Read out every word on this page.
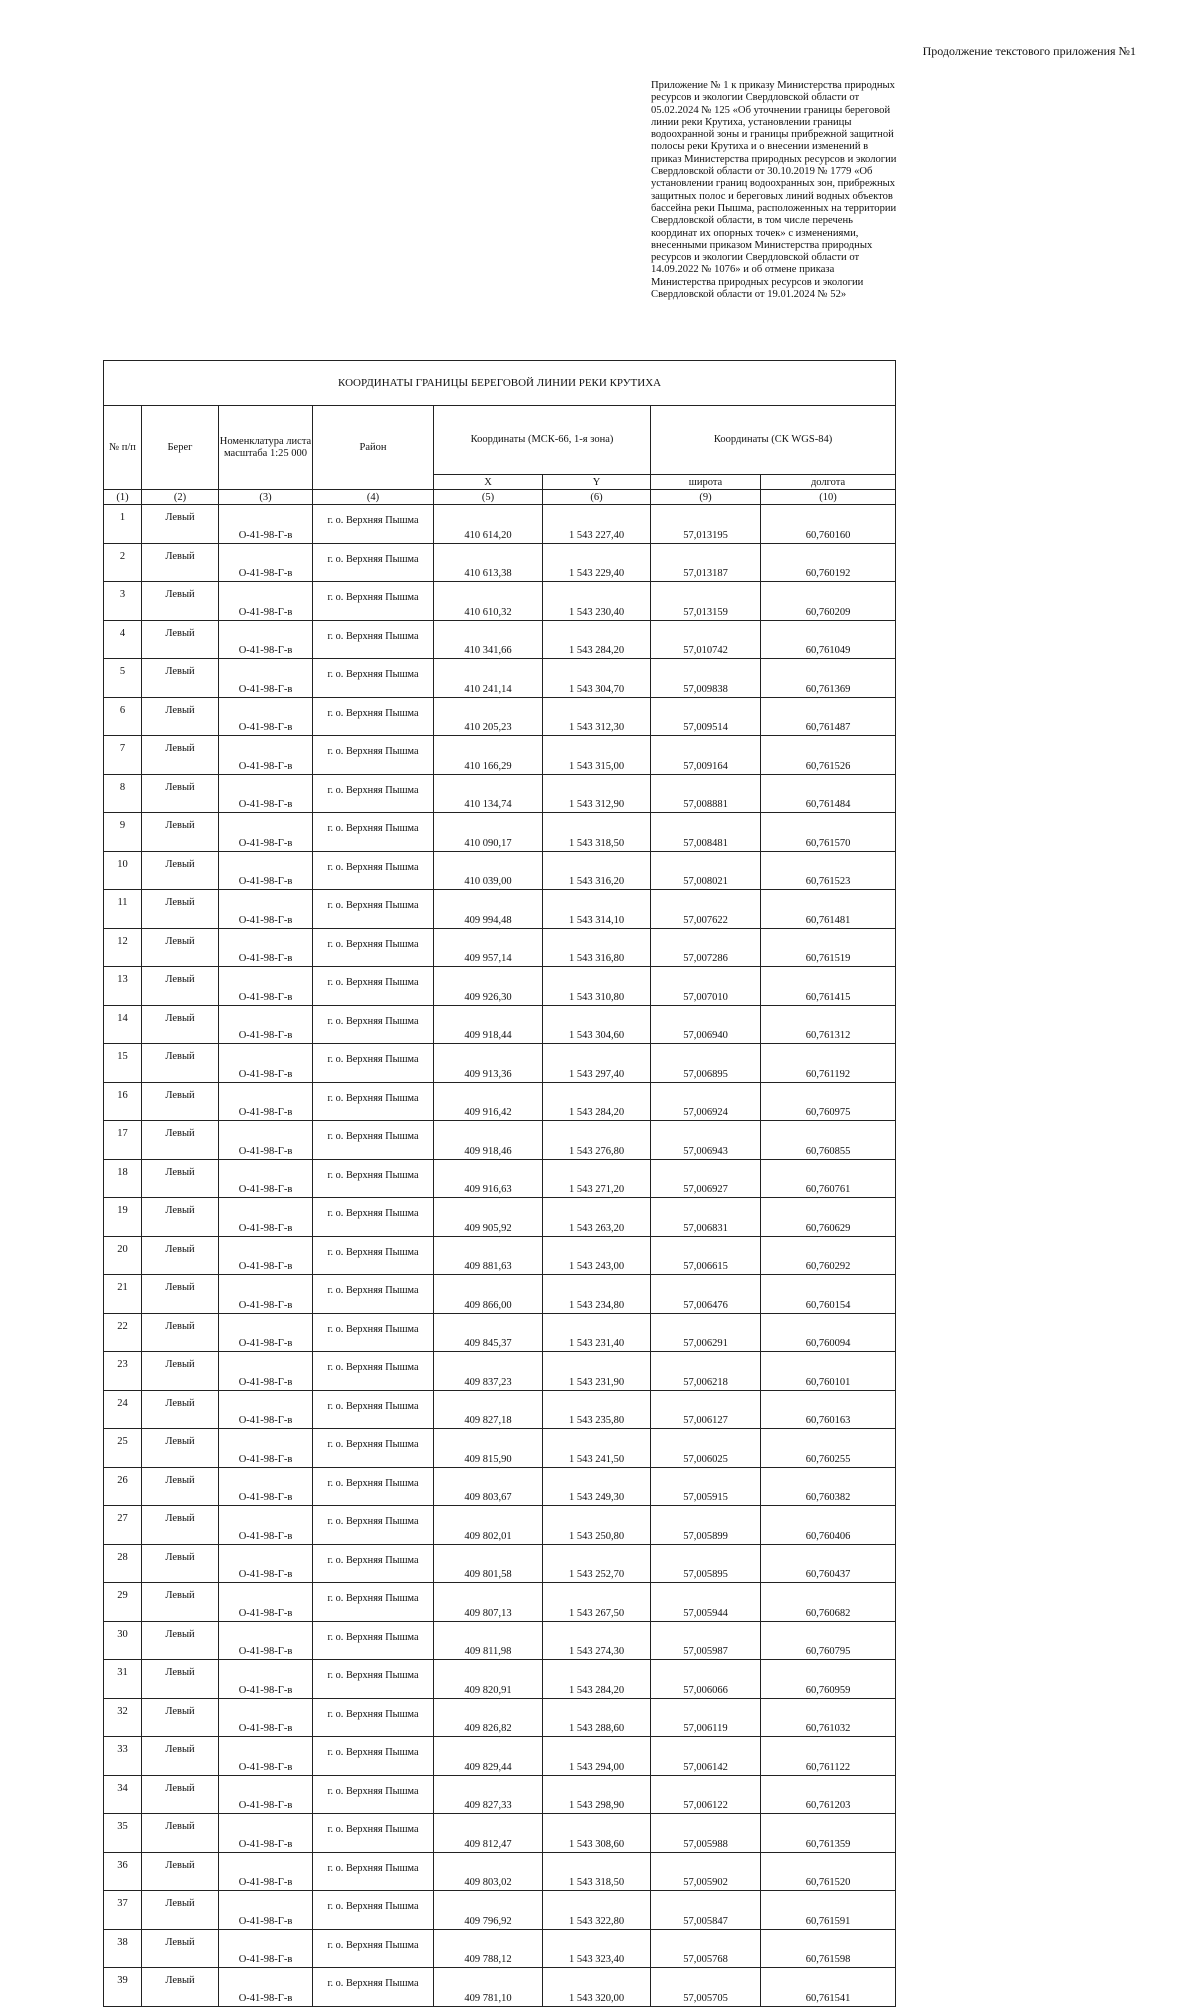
Продолжение текстового приложения №1
Приложение № 1 к приказу Министерства природных ресурсов и экологии Свердловской области от 05.02.2024 № 125 «Об уточнении границы береговой линии реки Крутиха, установлении границы водоохранной зоны и границы прибрежной защитной полосы реки Крутиха и о внесении изменений в приказ Министерства природных ресурсов и экологии Свердловской области от 30.10.2019 № 1779 «Об установлении границ водоохранных зон, прибрежных защитных полос и береговых линий водных объектов бассейна реки Пышма, расположенных на территории Свердловской области, в том числе перечень координат их опорных точек» с изменениями, внесенными приказом Министерства природных ресурсов и экологии Свердловской области от 14.09.2022 № 1076» и об отмене приказа Министерства природных ресурсов и экологии Свердловской области от 19.01.2024 № 52»
КООРДИНАТЫ ГРАНИЦЫ БЕРЕГОВОЙ ЛИНИИ РЕКИ КРУТИХА							
№ п/п	Берег	Номенклатура листа масштаба 1:25 000	Район	Координаты (МСК-66, 1-я зона)		Координаты (СК WGS-84)	
				X	Y	широта	долгота
(1)	(2)	(3)	(4)	(5)	(6)	(9)	(10)
1	Левый	О-41-98-Г-в	г. о. Верхняя Пышма	410 614,20	1 543 227,40	57,013195	60,760160
2	Левый	О-41-98-Г-в	г. о. Верхняя Пышма	410 613,38	1 543 229,40	57,013187	60,760192
3	Левый	О-41-98-Г-в	г. о. Верхняя Пышма	410 610,32	1 543 230,40	57,013159	60,760209
4	Левый	О-41-98-Г-в	г. о. Верхняя Пышма	410 341,66	1 543 284,20	57,010742	60,761049
5	Левый	О-41-98-Г-в	г. о. Верхняя Пышма	410 241,14	1 543 304,70	57,009838	60,761369
6	Левый	О-41-98-Г-в	г. о. Верхняя Пышма	410 205,23	1 543 312,30	57,009514	60,761487
7	Левый	О-41-98-Г-в	г. о. Верхняя Пышма	410 166,29	1 543 315,00	57,009164	60,761526
8	Левый	О-41-98-Г-в	г. о. Верхняя Пышма	410 134,74	1 543 312,90	57,008881	60,761484
9	Левый	О-41-98-Г-в	г. о. Верхняя Пышма	410 090,17	1 543 318,50	57,008481	60,761570
10	Левый	О-41-98-Г-в	г. о. Верхняя Пышма	410 039,00	1 543 316,20	57,008021	60,761523
11	Левый	О-41-98-Г-в	г. о. Верхняя Пышма	409 994,48	1 543 314,10	57,007622	60,761481
12	Левый	О-41-98-Г-в	г. о. Верхняя Пышма	409 957,14	1 543 316,80	57,007286	60,761519
13	Левый	О-41-98-Г-в	г. о. Верхняя Пышма	409 926,30	1 543 310,80	57,007010	60,761415
14	Левый	О-41-98-Г-в	г. о. Верхняя Пышма	409 918,44	1 543 304,60	57,006940	60,761312
15	Левый	О-41-98-Г-в	г. о. Верхняя Пышма	409 913,36	1 543 297,40	57,006895	60,761192
16	Левый	О-41-98-Г-в	г. о. Верхняя Пышма	409 916,42	1 543 284,20	57,006924	60,760975
17	Левый	О-41-98-Г-в	г. о. Верхняя Пышма	409 918,46	1 543 276,80	57,006943	60,760855
18	Левый	О-41-98-Г-в	г. о. Верхняя Пышма	409 916,63	1 543 271,20	57,006927	60,760761
19	Левый	О-41-98-Г-в	г. о. Верхняя Пышма	409 905,92	1 543 263,20	57,006831	60,760629
20	Левый	О-41-98-Г-в	г. о. Верхняя Пышма	409 881,63	1 543 243,00	57,006615	60,760292
21	Левый	О-41-98-Г-в	г. о. Верхняя Пышма	409 866,00	1 543 234,80	57,006476	60,760154
22	Левый	О-41-98-Г-в	г. о. Верхняя Пышма	409 845,37	1 543 231,40	57,006291	60,760094
23	Левый	О-41-98-Г-в	г. о. Верхняя Пышма	409 837,23	1 543 231,90	57,006218	60,760101
24	Левый	О-41-98-Г-в	г. о. Верхняя Пышма	409 827,18	1 543 235,80	57,006127	60,760163
25	Левый	О-41-98-Г-в	г. о. Верхняя Пышма	409 815,90	1 543 241,50	57,006025	60,760255
26	Левый	О-41-98-Г-в	г. о. Верхняя Пышма	409 803,67	1 543 249,30	57,005915	60,760382
27	Левый	О-41-98-Г-в	г. о. Верхняя Пышма	409 802,01	1 543 250,80	57,005899	60,760406
28	Левый	О-41-98-Г-в	г. о. Верхняя Пышма	409 801,58	1 543 252,70	57,005895	60,760437
29	Левый	О-41-98-Г-в	г. о. Верхняя Пышма	409 807,13	1 543 267,50	57,005944	60,760682
30	Левый	О-41-98-Г-в	г. о. Верхняя Пышма	409 811,98	1 543 274,30	57,005987	60,760795
31	Левый	О-41-98-Г-в	г. о. Верхняя Пышма	409 820,91	1 543 284,20	57,006066	60,760959
32	Левый	О-41-98-Г-в	г. о. Верхняя Пышма	409 826,82	1 543 288,60	57,006119	60,761032
33	Левый	О-41-98-Г-в	г. о. Верхняя Пышма	409 829,44	1 543 294,00	57,006142	60,761122
34	Левый	О-41-98-Г-в	г. о. Верхняя Пышма	409 827,33	1 543 298,90	57,006122	60,761203
35	Левый	О-41-98-Г-в	г. о. Верхняя Пышма	409 812,47	1 543 308,60	57,005988	60,761359
36	Левый	О-41-98-Г-в	г. о. Верхняя Пышма	409 803,02	1 543 318,50	57,005902	60,761520
37	Левый	О-41-98-Г-в	г. о. Верхняя Пышма	409 796,92	1 543 322,80	57,005847	60,761591
38	Левый	О-41-98-Г-в	г. о. Верхняя Пышма	409 788,12	1 543 323,40	57,005768	60,761598
39	Левый	О-41-98-Г-в	г. о. Верхняя Пышма	409 781,10	1 543 320,00	57,005705	60,761541
